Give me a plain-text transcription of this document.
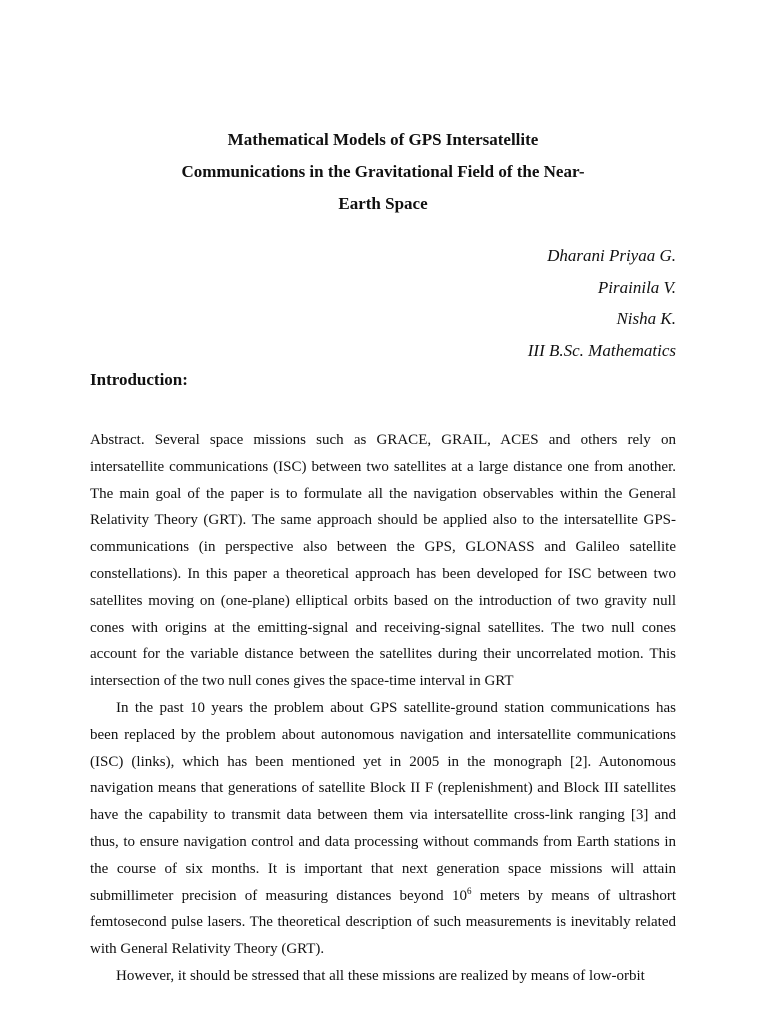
Mathematical Models of GPS Intersatellite
Communications in the Gravitational Field of the Near-
Earth Space
Dharani Priyaa G.
Pirainila V.
Nisha K.
III B.Sc. Mathematics
Introduction:

Abstract. Several space missions such as GRACE, GRAIL, ACES and others rely on intersatellite communications (ISC) between two satellites at a large distance one from another. The main goal of the paper is to formulate all the navigation observables within the General Relativity Theory (GRT). The same approach should be applied also to the intersatellite GPS-communications (in perspective also between the GPS, GLONASS and Galileo satellite constellations). In this paper a theoretical approach has been developed for ISC between two satellites moving on (one-plane) elliptical orbits based on the introduction of two gravity null cones with origins at the emitting-signal and receiving-signal satellites. The two null cones account for the variable distance between the satellites during their uncorrelated motion. This intersection of the two null cones gives the space-time interval in GRT

In the past 10 years the problem about GPS satellite-ground station communications has been replaced by the problem about autonomous navigation and intersatellite communications (ISC) (links), which has been mentioned yet in 2005 in the monograph [2]. Autonomous navigation means that generations of satellite Block II F (replenishment) and Block III satellites have the capability to transmit data between them via intersatellite cross-link ranging [3] and thus, to ensure navigation control and data processing without commands from Earth stations in the course of six months. It is important that next generation space missions will attain submillimeter precision of measuring distances beyond $10^6$ meters by means of ultrashort femtosecond pulse lasers. The theoretical description of such measurements is inevitably related with General Relativity Theory (GRT).

However, it should be stressed that all these missions are realized by means of low-orbit
